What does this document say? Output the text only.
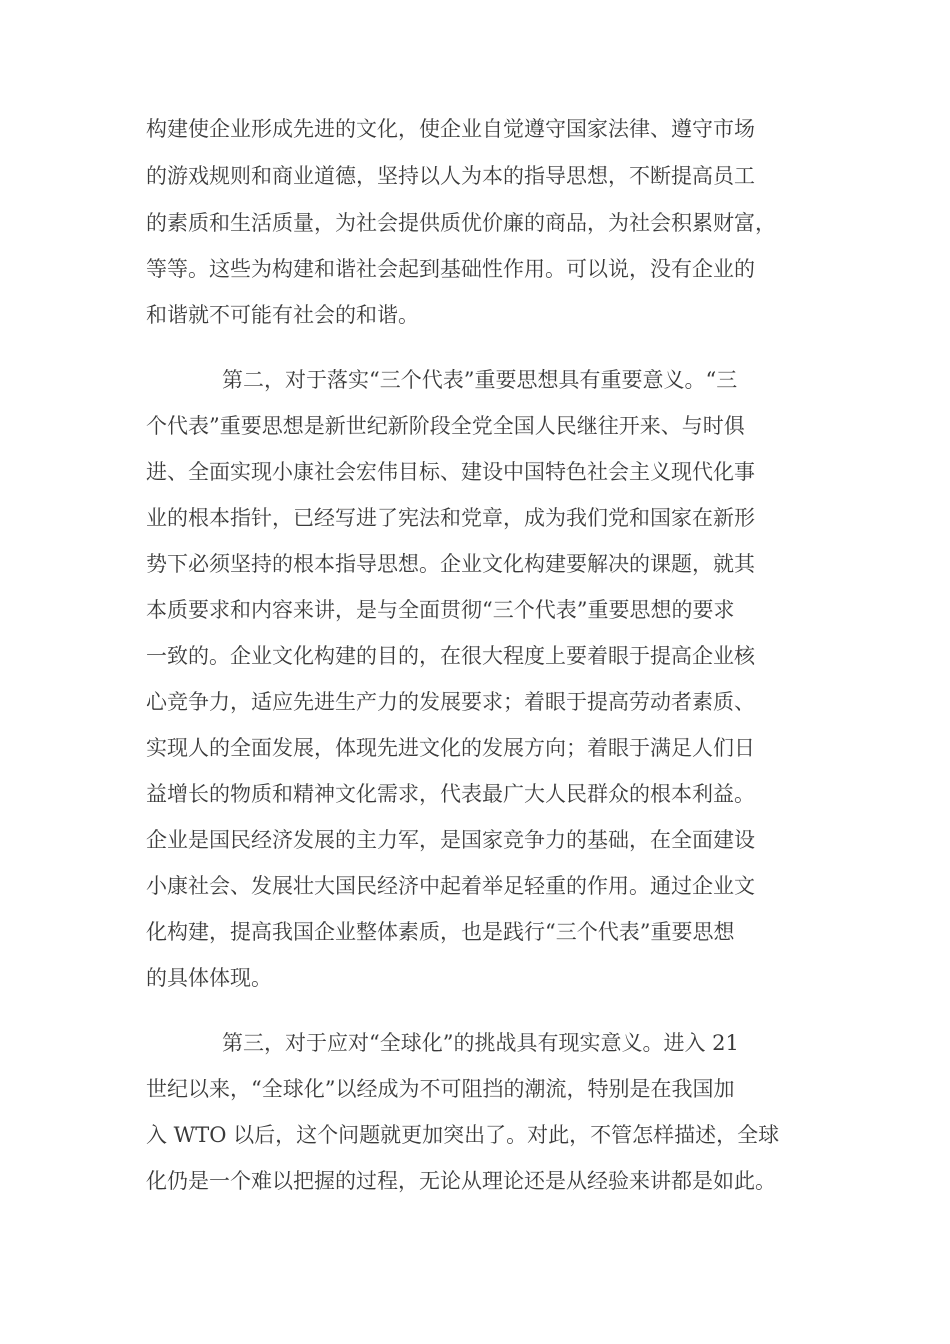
构建使企业形成先进的文化，使企业自觉遵守国家法律、遵守市场
的游戏规则和商业道德，坚持以人为本的指导思想，不断提高员工
的素质和生活质量，为社会提供质优价廉的商品，为社会积累财富，
等等。这些为构建和谐社会起到基础性作用。可以说，没有企业的
和谐就不可能有社会的和谐。
第二，对于落实“三个代表”重要思想具有重要意义。“三
个代表”重要思想是新世纪新阶段全党全国人民继往开来、与时俱
进、全面实现小康社会宏伟目标、建设中国特色社会主义现代化事
业的根本指针，已经写进了宪法和党章，成为我们党和国家在新形
势下必须坚持的根本指导思想。企业文化构建要解决的课题，就其
本质要求和内容来讲，是与全面贯彻“三个代表”重要思想的要求
一致的。企业文化构建的目的，在很大程度上要着眼于提高企业核
心竞争力，适应先进生产力的发展要求；着眼于提高劳动者素质、
实现人的全面发展，体现先进文化的发展方向；着眼于满足人们日
益增长的物质和精神文化需求，代表最广大人民群众的根本利益。
企业是国民经济发展的主力军，是国家竞争力的基础，在全面建设
小康社会、发展壮大国民经济中起着举足轻重的作用。通过企业文
化构建，提高我国企业整体素质，也是践行“三个代表”重要思想
的具体体现。
第三，对于应对“全球化”的挑战具有现实意义。进入 21
世纪以来，“全球化”以经成为不可阻挡的潮流，特别是在我国加
入 WTO 以后，这个问题就更加突出了。对此，不管怎样描述，全球
化仍是一个难以把握的过程，无论从理论还是从经验来讲都是如此。
